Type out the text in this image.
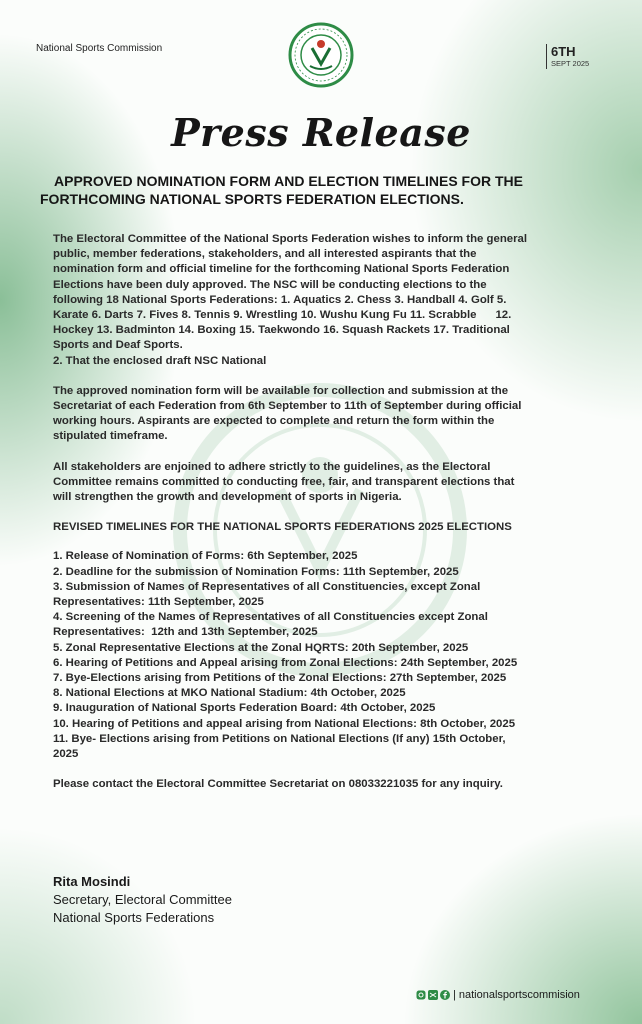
National Sports Commission	6TH
SEPT 2025
Press Release
APPROVED NOMINATION FORM AND ELECTION TIMELINES FOR THE
FORTHCOMING NATIONAL SPORTS FEDERATION ELECTIONS.
The Electoral Committee of the National Sports Federation wishes to inform the general
public, member federations, stakeholders, and all interested aspirants that the
nomination form and official timeline for the forthcoming National Sports Federation
Elections have been duly approved. The NSC will be conducting elections to the
following 18 National Sports Federations: 1. Aquatics 2. Chess 3. Handball 4. Golf 5.
Karate 6. Darts 7. Fives 8. Tennis 9. Wrestling 10. Wushu Kung Fu 11. Scrabble      12.
Hockey 13. Badminton 14. Boxing 15. Taekwondo 16. Squash Rackets 17. Traditional
Sports and Deaf Sports.
2. That the enclosed draft NSC National
The approved nomination form will be available for collection and submission at the
Secretariat of each Federation from 6th September to 11th of September during official
working hours. Aspirants are expected to complete and return the form within the
stipulated timeframe.
All stakeholders are enjoined to adhere strictly to the guidelines, as the Electoral
Committee remains committed to conducting free, fair, and transparent elections that
will strengthen the growth and development of sports in Nigeria.
REVISED TIMELINES FOR THE NATIONAL SPORTS FEDERATIONS 2025 ELECTIONS
1. Release of Nomination of Forms: 6th September, 2025
2. Deadline for the submission of Nomination Forms: 11th September, 2025
3. Submission of Names of Representatives of all Constituencies, except Zonal
Representatives: 11th September, 2025
4. Screening of the Names of Representatives of all Constituencies except Zonal
Representatives:  12th and 13th September, 2025
5. Zonal Representative Elections at the Zonal HQRTS: 20th September, 2025
6. Hearing of Petitions and Appeal arising from Zonal Elections: 24th September, 2025
7. Bye-Elections arising from Petitions of the Zonal Elections: 27th September, 2025
8. National Elections at MKO National Stadium: 4th October, 2025
9. Inauguration of National Sports Federation Board: 4th October, 2025
10. Hearing of Petitions and appeal arising from National Elections: 8th October, 2025
11. Bye- Elections arising from Petitions on National Elections (If any) 15th October,
2025
Please contact the Electoral Committee Secretariat on 08033221035 for any inquiry.
Rita Mosindi
Secretary, Electoral Committee
National Sports Federations
| nationalsportscommision
